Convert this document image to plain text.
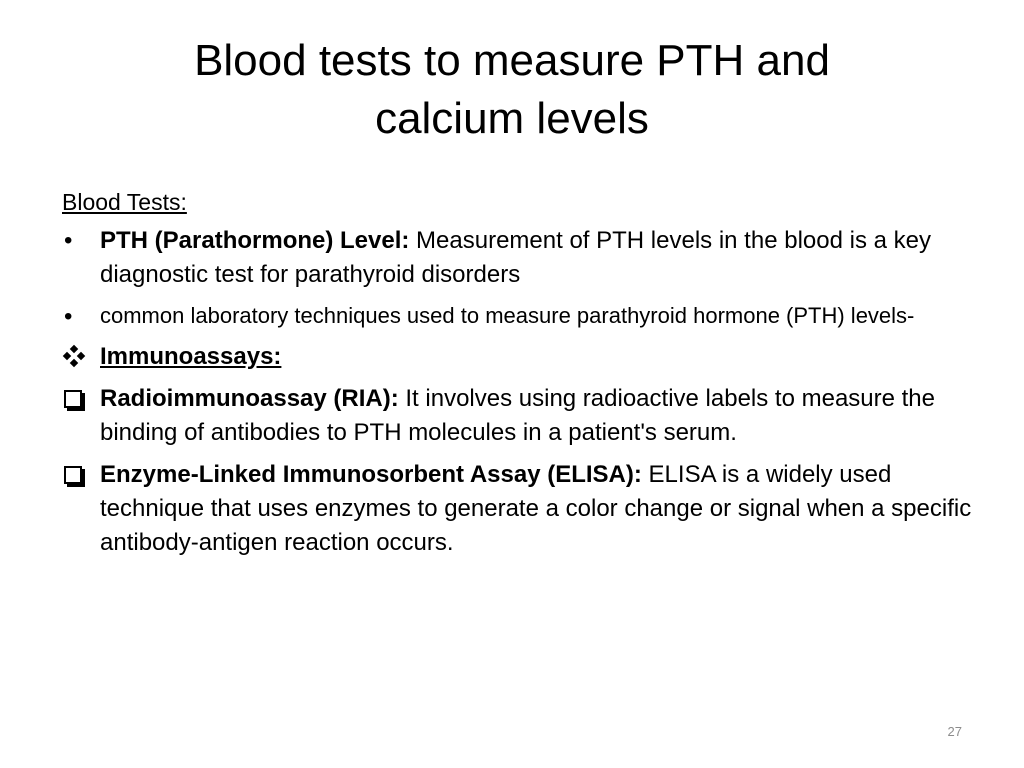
Blood tests to measure PTH and
calcium levels
Blood Tests:
•	PTH (Parathormone) Level: Measurement of PTH levels in the blood is a key diagnostic test for parathyroid disorders
•	common laboratory techniques used to measure parathyroid hormone (PTH) levels-
Immunoassays:
Radioimmunoassay (RIA): It involves using radioactive labels to measure the binding of antibodies to PTH molecules in a patient's serum.
Enzyme-Linked Immunosorbent Assay (ELISA): ELISA is a widely used technique that uses enzymes to generate a color change or signal when a specific antibody-antigen reaction occurs.
27
